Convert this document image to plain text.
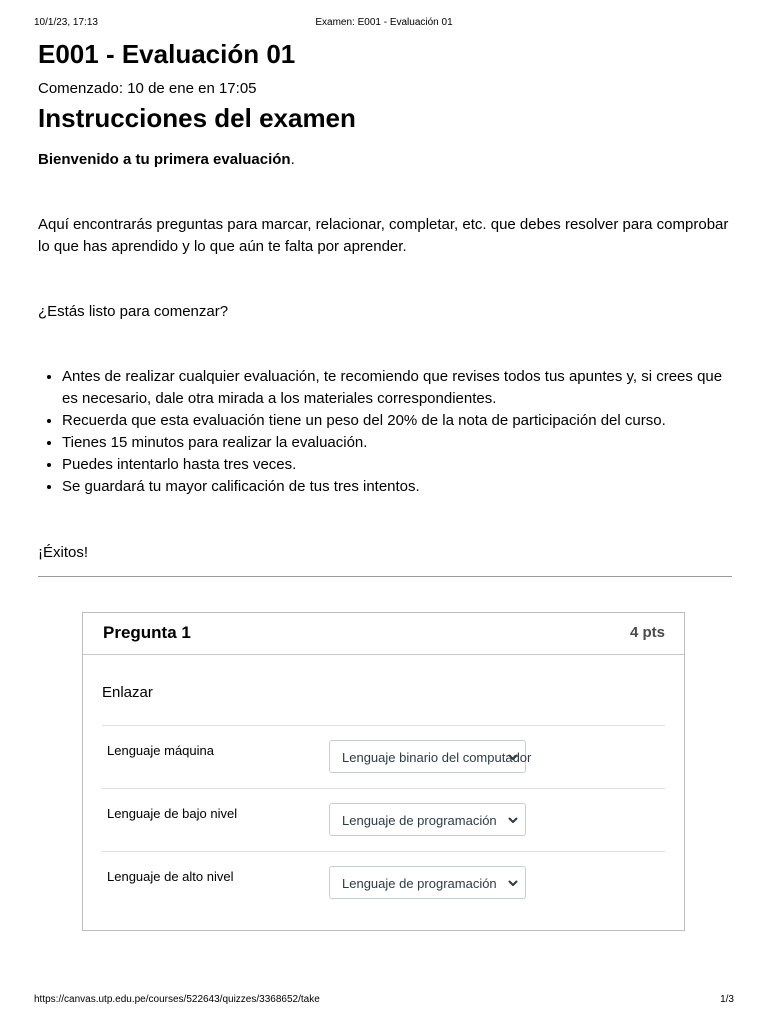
10/1/23, 17:13	Examen: E001 - Evaluación 01
E001 - Evaluación 01
Comenzado: 10 de ene en 17:05
Instrucciones del examen

Bienvenido a tu primera evaluación.

Aquí encontrarás preguntas para marcar, relacionar, completar, etc. que debes resolver para comprobar lo que has aprendido y lo que aún te falta por aprender.

¿Estás listo para comenzar?

• Antes de realizar cualquier evaluación, te recomiendo que revises todos tus apuntes y, si crees que es necesario, dale otra mirada a los materiales correspondientes.
• Recuerda que esta evaluación tiene un peso del 20% de la nota de participación del curso.
• Tienes 15 minutos para realizar la evaluación.
• Puedes intentarlo hasta tres veces.
• Se guardará tu mayor calificación de tus tres intentos.

¡Éxitos!

Pregunta 1	4 pts
Enlazar
Lenguaje máquina	Lenguaje binario del computador
Lenguaje de bajo nivel	Lenguaje de programación
Lenguaje de alto nivel	Lenguaje de programación
https://canvas.utp.edu.pe/courses/522643/quizzes/3368652/take	1/3
